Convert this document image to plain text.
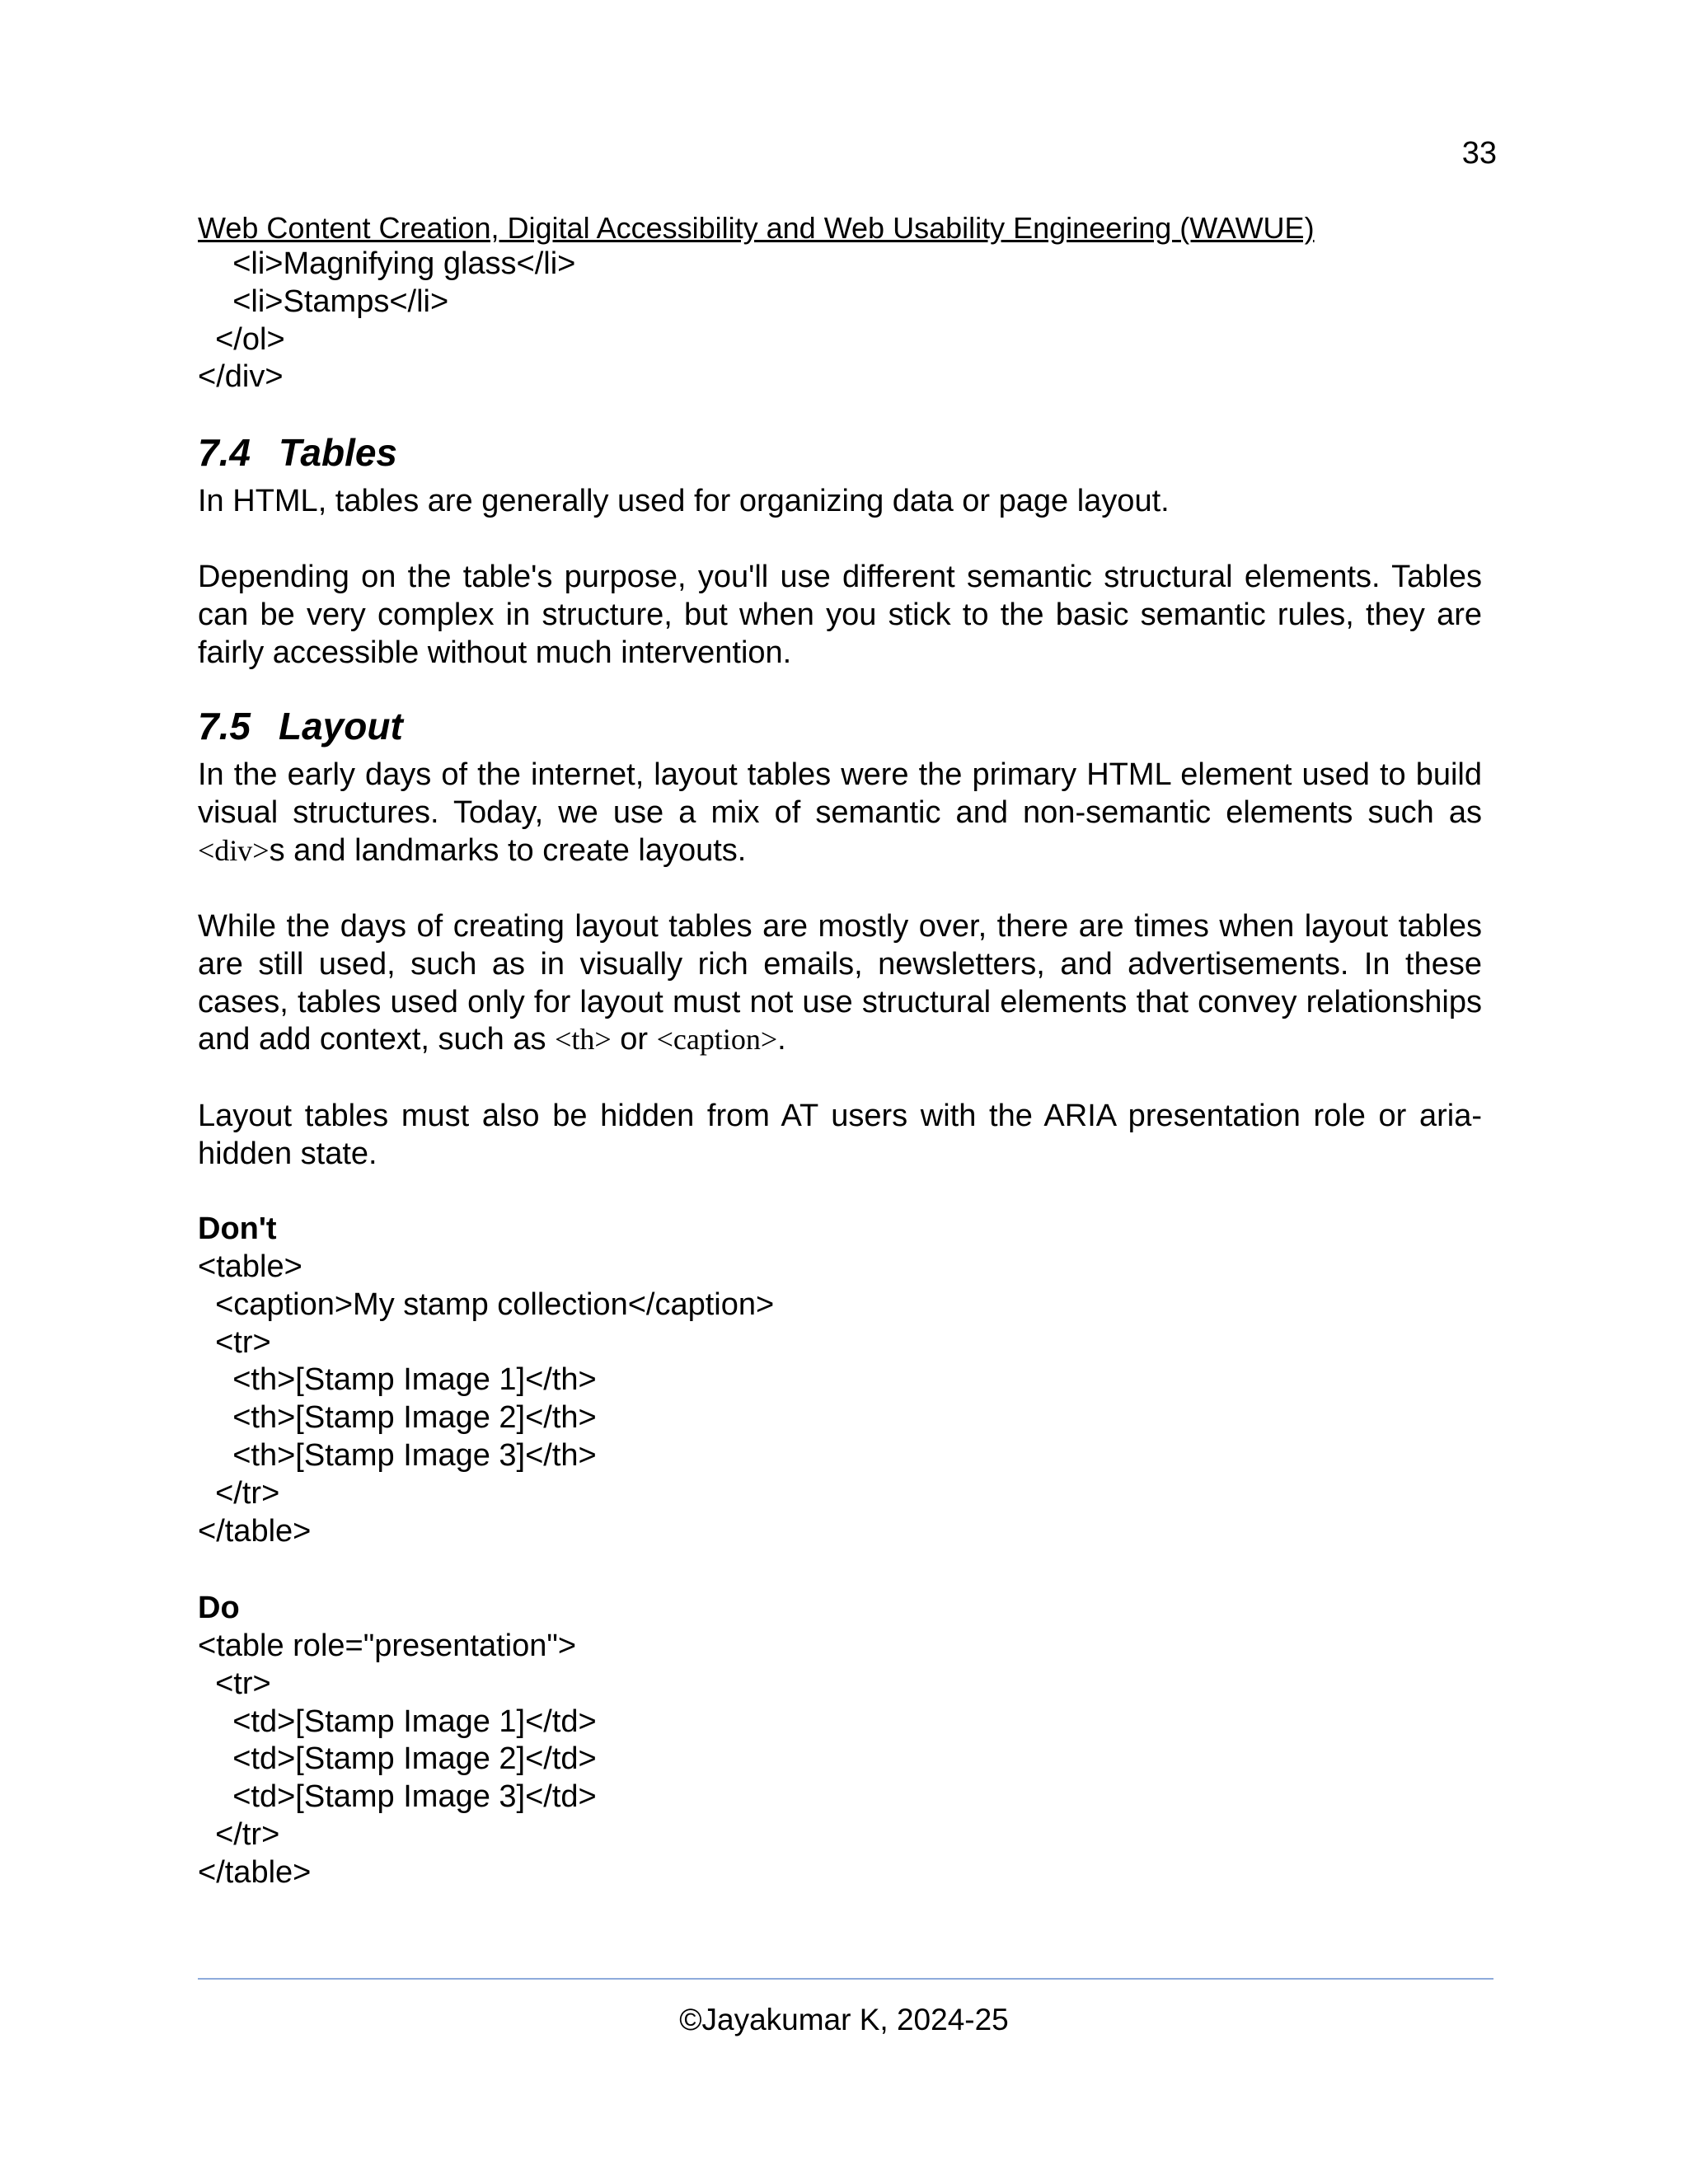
33
Web Content Creation, Digital Accessibility and Web Usability Engineering (WAWUE)
<li>Magnifying glass</li>
<li>Stamps</li>
</ol>
</div>
7.4 Tables
In HTML, tables are generally used for organizing data or page layout.
Depending on the table's purpose, you'll use different semantic structural elements. Tables can be very complex in structure, but when you stick to the basic semantic rules, they are fairly accessible without much intervention.
7.5 Layout
In the early days of the internet, layout tables were the primary HTML element used to build visual structures. Today, we use a mix of semantic and non-semantic elements such as <div>s and landmarks to create layouts.
While the days of creating layout tables are mostly over, there are times when layout tables are still used, such as in visually rich emails, newsletters, and advertisements. In these cases, tables used only for layout must not use structural elements that convey relationships and add context, such as <th> or <caption>.
Layout tables must also be hidden from AT users with the ARIA presentation role or aria-hidden state.
Don't
<table>
<caption>My stamp collection</caption>
<tr>
<th>[Stamp Image 1]</th>
<th>[Stamp Image 2]</th>
<th>[Stamp Image 3]</th>
</tr>
</table>
Do
<table role="presentation">
<tr>
<td>[Stamp Image 1]</td>
<td>[Stamp Image 2]</td>
<td>[Stamp Image 3]</td>
</tr>
</table>
©Jayakumar K, 2024-25
